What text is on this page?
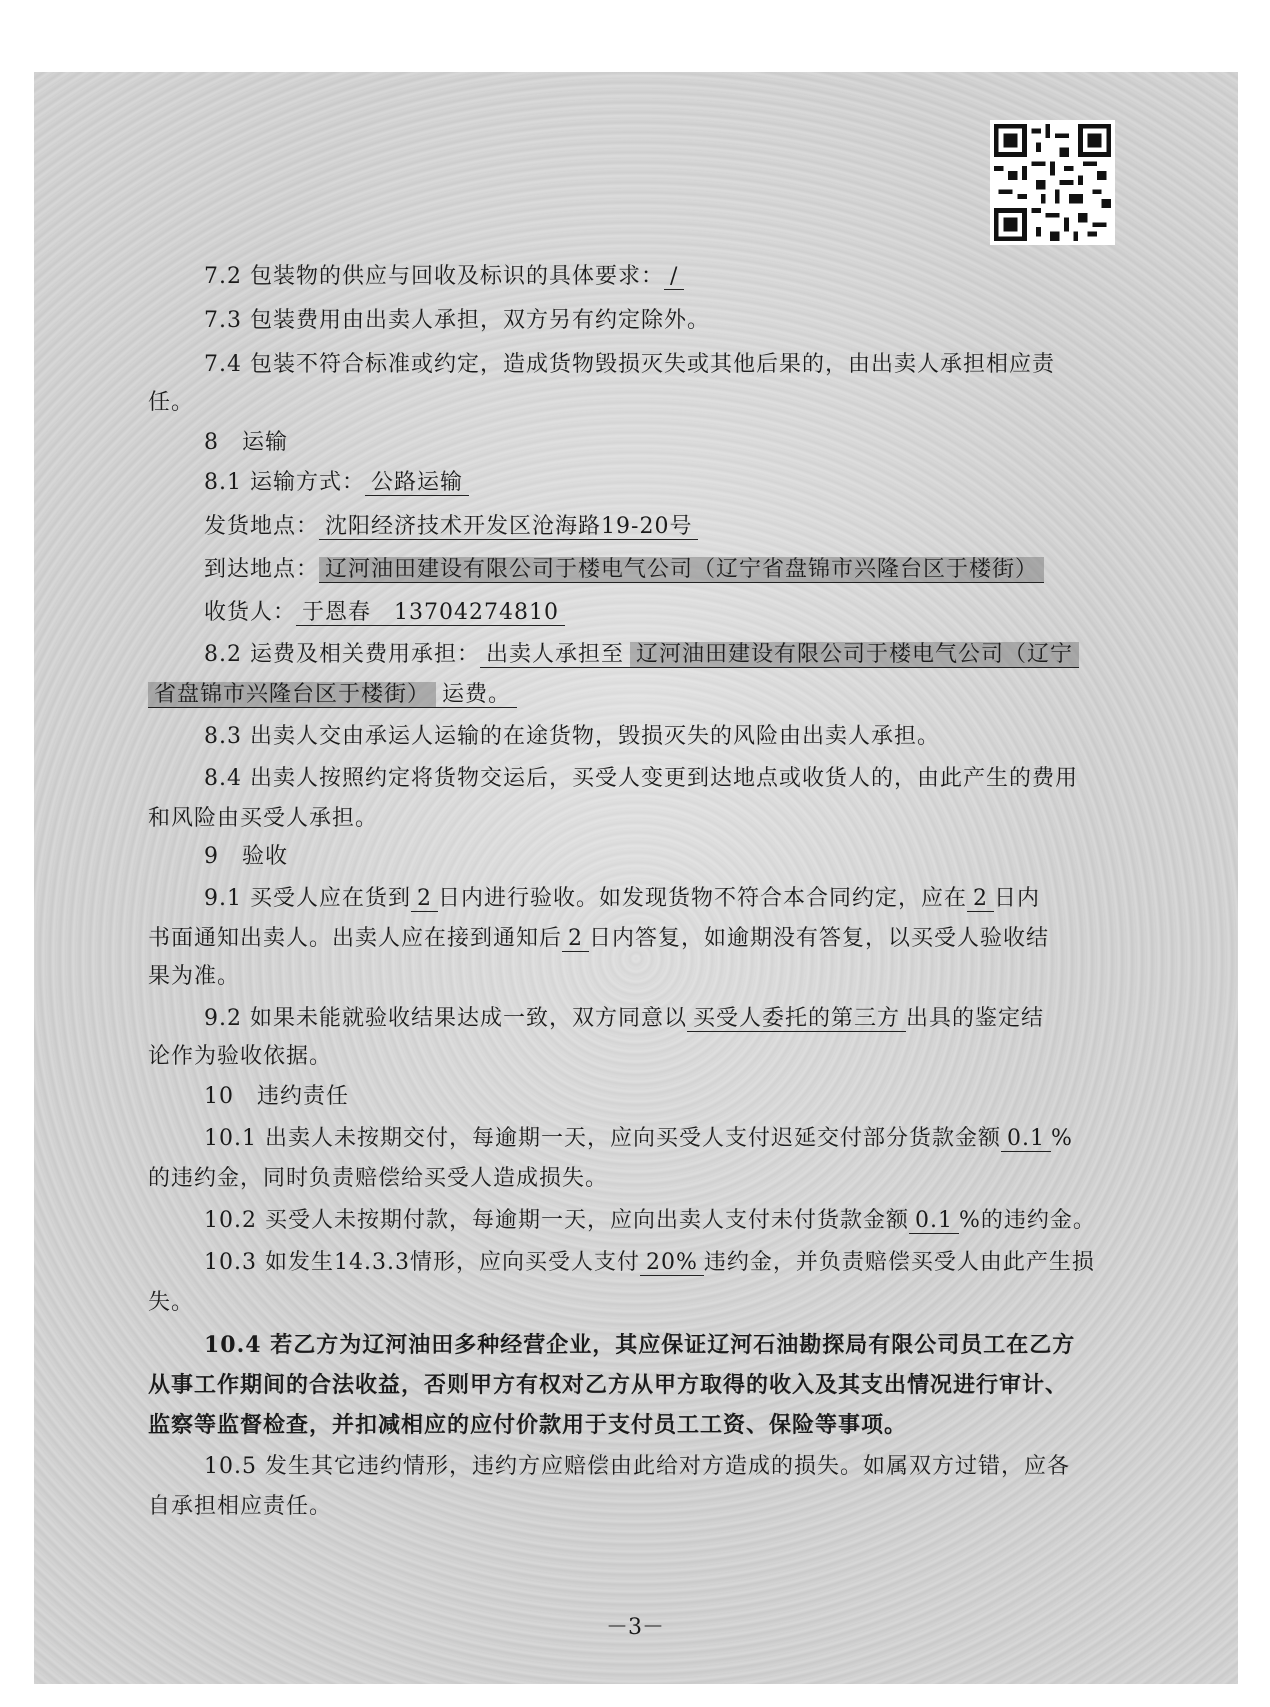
7.2 包装物的供应与回收及标识的具体要求： /
7.3 包装费用由出卖人承担，双方另有约定除外。
7.4 包装不符合标准或约定，造成货物毁损灭失或其他后果的，由出卖人承担相应责
任。
8　运输
8.1 运输方式： 公路运输
发货地点： 沈阳经济技术开发区沧海路19-20号
到达地点： 辽河油田建设有限公司于楼电气公司（辽宁省盘锦市兴隆台区于楼街）
收货人： 于恩春　13704274810
8.2 运费及相关费用承担： 出卖人承担至 辽河油田建设有限公司于楼电气公司（辽宁
省盘锦市兴隆台区于楼街） 运费。
8.3 出卖人交由承运人运输的在途货物，毁损灭失的风险由出卖人承担。
8.4 出卖人按照约定将货物交运后，买受人变更到达地点或收货人的，由此产生的费用
和风险由买受人承担。
9　验收
9.1 买受人应在货到 2 日内进行验收。如发现货物不符合本合同约定，应在 2 日内
书面通知出卖人。出卖人应在接到通知后 2 日内答复，如逾期没有答复，以买受人验收结
果为准。
9.2 如果未能就验收结果达成一致，双方同意以 买受人委托的第三方 出具的鉴定结
论作为验收依据。
10　违约责任
10.1 出卖人未按期交付，每逾期一天，应向买受人支付迟延交付部分货款金额 0.1 %
的违约金，同时负责赔偿给买受人造成损失。
10.2 买受人未按期付款，每逾期一天，应向出卖人支付未付货款金额 0.1 %的违约金。
10.3 如发生14.3.3情形，应向买受人支付 20% 违约金，并负责赔偿买受人由此产生损
失。
10.4 若乙方为辽河油田多种经营企业，其应保证辽河石油勘探局有限公司员工在乙方
从事工作期间的合法收益，否则甲方有权对乙方从甲方取得的收入及其支出情况进行审计、
监察等监督检查，并扣减相应的应付价款用于支付员工工资、保险等事项。
10.5 发生其它违约情形，违约方应赔偿由此给对方造成的损失。如属双方过错，应各
自承担相应责任。
－3－
